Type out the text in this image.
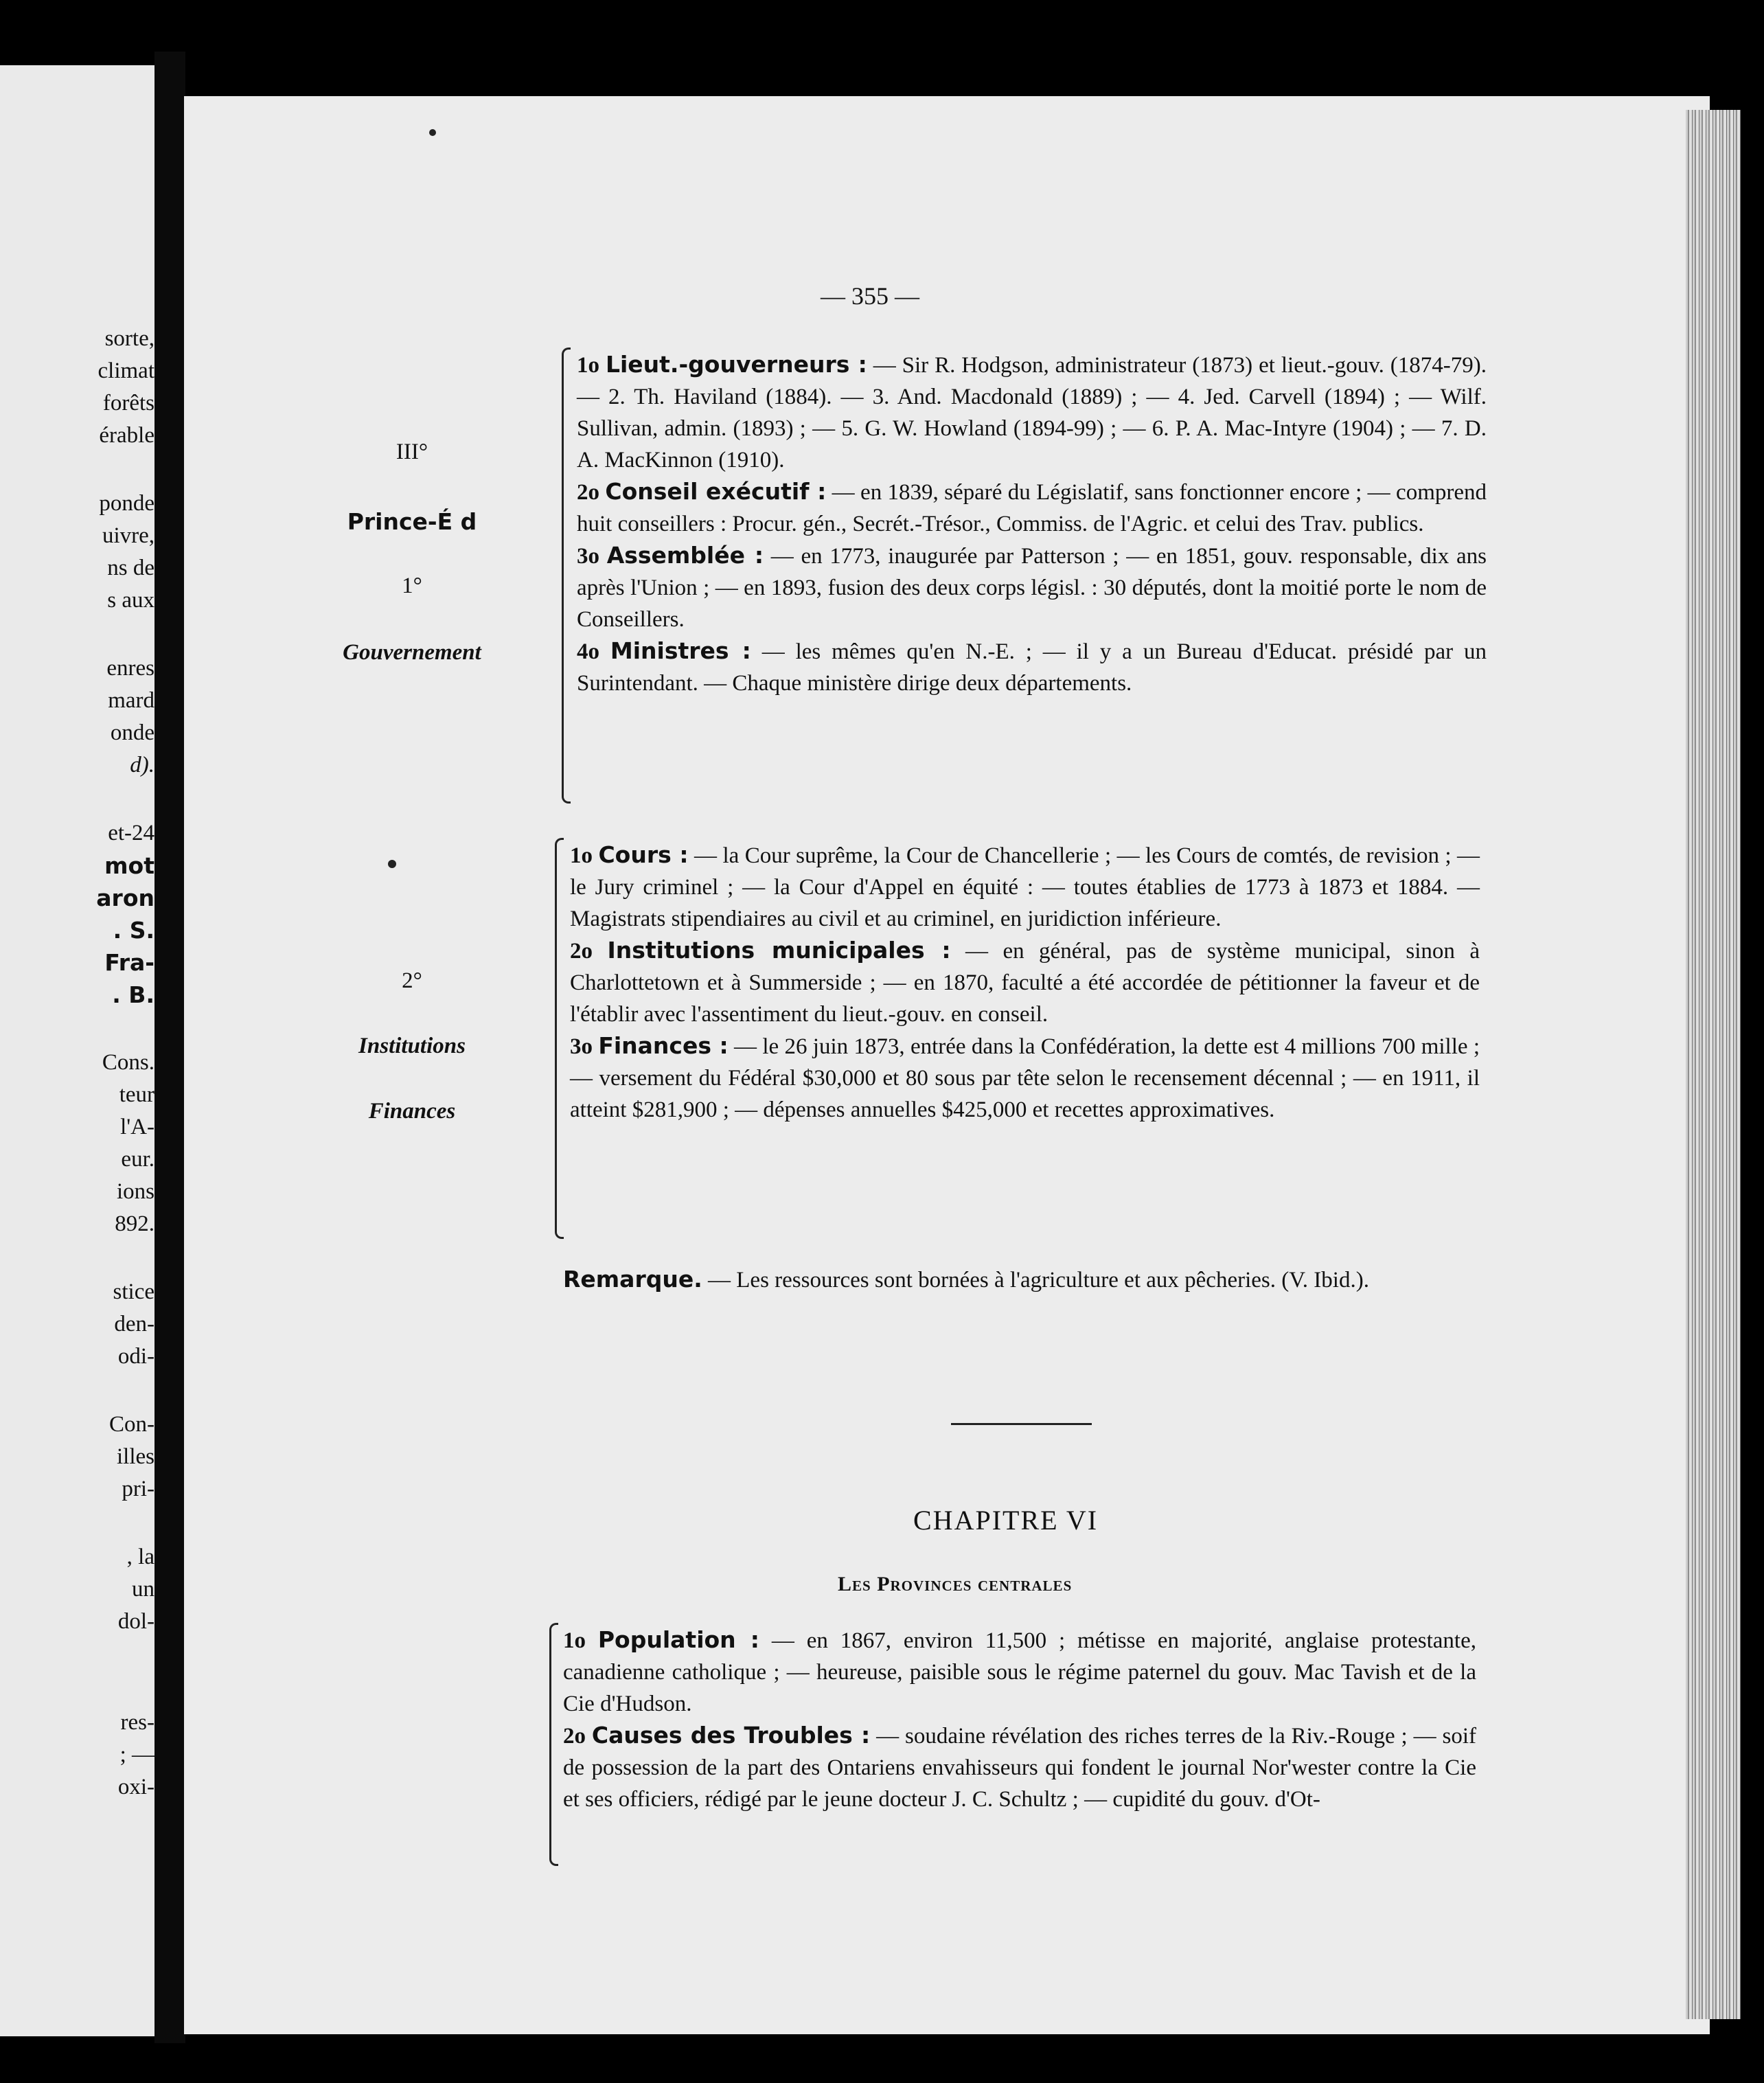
sorte,
climat
forêts
érable
ponde
uivre,
ns de
s aux
enres
mard
onde
d).
et-24
mot
aron
. S.
Fra-
. B.
Cons.
teur
l'A-
eur.
ions
892.
stice
den-
odi-
Con-
illes
pri-
, la
un
dol-
res-
; —
oxi-
— 355 —
III°
Prince-É d
1°
Gouvernement
2°
Institutions
Finances
1o Lieut.-gouverneurs : — Sir R. Hodgson, administrateur (1873) et lieut.-gouv. (1874-79). — 2. Th. Haviland (1884). — 3. And. Macdonald (1889) ; — 4. Jed. Carvell (1894) ; — Wilf. Sullivan, admin. (1893) ; — 5. G. W. Howland (1894-99) ; — 6. P. A. Mac-Intyre (1904) ; — 7. D. A. MacKinnon (1910).
2o Conseil exécutif : — en 1839, séparé du Législatif, sans fonctionner encore ; — comprend huit conseillers : Procur. gén., Secrét.-Trésor., Commiss. de l'Agric. et celui des Trav. publics.
3o Assemblée : — en 1773, inaugurée par Patterson ; — en 1851, gouv. responsable, dix ans après l'Union ; — en 1893, fusion des deux corps législ. : 30 députés, dont la moitié porte le nom de Conseillers.
4o Ministres : — les mêmes qu'en N.-E. ; — il y a un Bureau d'Educat. présidé par un Surintendant. — Chaque ministère dirige deux départements.
1o Cours : — la Cour suprême, la Cour de Chancellerie ; — les Cours de comtés, de revision ; — le Jury criminel ; — la Cour d'Appel en équité : — toutes établies de 1773 à 1873 et 1884. — Magistrats stipendiaires au civil et au criminel, en juridiction inférieure.
2o Institutions municipales : — en général, pas de système municipal, sinon à Charlottetown et à Summerside ; — en 1870, faculté a été accordée de pétitionner la faveur et de l'établir avec l'assentiment du lieut.-gouv. en conseil.
3o Finances : — le 26 juin 1873, entrée dans la Confédération, la dette est 4 millions 700 mille ; — versement du Fédéral $30,000 et 80 sous par tête selon le recensement décennal ; — en 1911, il atteint $281,900 ; — dépenses annuelles $425,000 et recettes approximatives.
Remarque. — Les ressources sont bornées à l'agriculture et aux pêcheries. (V. Ibid.).
CHAPITRE VI
Les Provinces centrales
1o Population : — en 1867, environ 11,500 ; métisse en majorité, anglaise protestante, canadienne catholique ; — heureuse, paisible sous le régime paternel du gouv. Mac Tavish et de la Cie d'Hudson.
2o Causes des Troubles : — soudaine révélation des riches terres de la Riv.-Rouge ; — soif de possession de la part des Ontariens envahisseurs qui fondent le journal Nor'wester contre la Cie et ses officiers, rédigé par le jeune docteur J. C. Schultz ; — cupidité du gouv. d'Ot-
